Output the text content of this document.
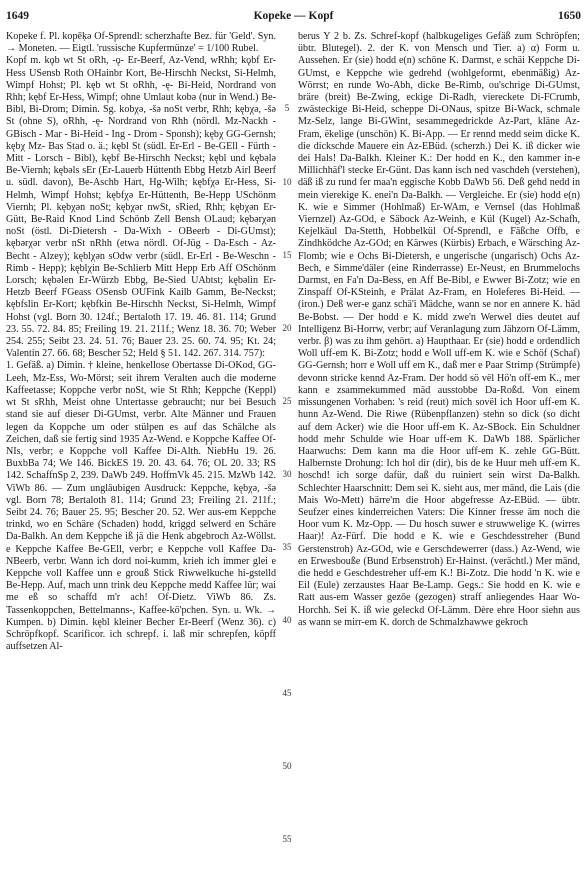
1649	Kopeke — Kopf	1650

Kopeke f. Pl. kopēḳə Of-Sprendl: scherzhafte Bez. für 'Geld'. Syn. → Moneten. — Eigtl. 'russische Kupfermünze' = 1/100 Rubel.

Kopf m. kǫb wt St oRh, -ǫ- Er-Beerf, Az-Vend, wRhh; kǫbf Er-Hess USensb Roth OHainbr Kort, Be-Hirschh Neckst, Si-Helmh, Wimpf Hohst; Pl. kęb wt St oRhh, -ę- Bi-Heid, Nordrand von Rhh; kębf Er-Hess, Wimpf; ohne Umlaut kobə (nur in Wend.) Be-Bibl, Bi-Drom; Dimin. Sg. kobχə, -šə noSt verbr, Rhh; kębχə, -šə St (ohne S), oRhh, -ę- Nordrand von Rhh (nördl. Mz-Nackh - GBisch - Mar - Bi-Heid - Ing - Drom - Sponsh); kębχ GG-Gernsh; kębχ Mz- Bas Stad o. ä.; kębl St (südl. Er-Erl - Be-GEll - Fürth - Mitt - Lorsch - Bibl), kębf Be-Hirschh Neckst; kębl und kębələ Be-Viernh; kębəls sEr (Er-Lauerb Hüttenth Ebbg Hetzb Airl Beerf u. südl. davon), Be-Aschb Hart, Hg-Wilh; kębfχə Er-Hess, Si-Helmh, Wimpf Hohst; kębfχə Er-Hüttenth, Be-Hepp USchönm Viernh; Pl. kębχən noSt; kębχər nwSt, sRied, Rhh; kębχən Er-Gütt, Be-Raid Knod Lind Schönb Zell Bensh OLaud; kębərχən noSt (östl. Di-Dietersh - Da-Wixh - OBeerb - Di-GUmst); kębərχər verbr nSt nRhh (etwa nördl. Of-Jüg - Da-Esch - Az-Becht - Alzey); kęblχən sOdw verbr (südl. Er-Erl - Be-Weschn - Rimb - Hepp); kęblχin Be-Schlierb Mitt Hepp Erb Aff OSchönm Lorsch; kębəlen Er-Würzb Ebbg, Be-Sied UAbtst; kębəlin Er-Hetzb Beerf FGeass OSensb OUFink Kailb Gamm, Be-Neckst; kębfslin Er-Kort; kębfkin Be-Hirschh Neckst, Si-Helmh, Wimpf Hohst (vgl. Born 30. 124f.; Bertaloth 17. 19. 46. 81. 114; Grund 23. 55. 72. 84. 85; Freiling 19. 21. 211f.; Wenz 18. 36. 70; Weber 254. 255; Seibt 23. 24. 51. 76; Bauer 23. 25. 60. 74. 95; Kt. 24; Valentin 27. 66. 68; Bescher 52; Held § 51. 142. 267. 314. 757):

1. Gefäß. a) Dimin. † kleine, henkellose Obertasse Di-OKod, GG-Leeh, Mz-Ess, Wo-Mörst; seit ihrem Veralten auch die moderne Kaffeetasse; Koppche verbr noSt, wie St Rhh; Keppche (Keppl) wt St sRhh, Meist ohne Untertasse gebraucht; nur bei Besuch stand sie auf dieser Di-GUmst, verbr. Alte Männer und Frauen legen da Koppche um oder stülpen es auf das Schälche als Zeichen, daß sie fertig sind 1935 Az-Wend. e Koppche Kaffee Of-NIs, verbr; e Koppche voll Kaffee Di-Alth. NiebHu 19. 26. BuxbBa 74; We 146. BickES 19. 20. 43. 64. 76; OL 20. 33; RS 142. SchaffnSp 2, 239. DaWb 249. HoffmVk 45. 215. MzWb 142. ViWb 86. — Zum ungläubigen Ausdruck: Keppche, kębχə, -šə vgl. Born 78; Bertaloth 81. 114; Grund 23; Freiling 21. 211f.; Seibt 24. 76; Bauer 25. 95; Bescher 20. 52. Wer aus-em Keppche trinkd, wo en Schäre (Schaden) hodd, kriggd selwerd en Schäre Da-Balkh. An dem Keppche iß jä die Henk abgebroch Az-Wöllst. e Keppche Kaffee Be-GEll, verbr; e Keppche voll Kaffee Da-NBeerb, verbr. Wann ich dord noi-kumm, krieh ich immer glei e Keppche voll Kaffee unn e grouß Stick Riwwelkuche hi-gstelld Be-Hepp. Auf, mach unn trink deu Keppche medd Kaffee lür; wai me eß so schaffd m'r ach! Of-Dietz. ViWb 86. Zs. Tassenkoppchen, Bettelmanns-, Kaffee-kö'pchen. Syn. u. Wk. → Kumpen. b) Dimin. kębl kleiner Becher Er-Beerf (Wenz 36). c) Schröpfkopf. Scarificor. ich schrepf. i. laß mir schrepfen, köpff auffsetzen Al-

5
10
15
20
25
30
35
40
45
50
55

berus Y 2 b. Zs. Schref-kopf (halbkugeliges Gefäß zum Schröpfen; übtr. Blutegel). 2. der K. von Mensch und Tier. a) α) Form u. Aussehen. Er (sie) hodd e(n) schöne K. Darmst, e schäi Keppche Di-GUmst, e Keppche wie gedrehd (wohlgeformt, ebenmäßig) Az-Wörrst; en runde Wo-Abh, dicke Be-Rimb, ou'schrige Di-GUmst, bräre (breit) Be-Zwing, eckige Di-Radh, viereckete Di-FCrumb, zwästeckige Bi-Heid, scheppe Di-ONaus, spitze Bi-Wack, schmale Mz-Selz, lange Bi-GWint, sesammegedrickde Az-Part, kläne Az-Fram, ëkelige (unschön) K. Bi-App. — Er rennd medd seim dicke K. die dickschde Mauere ein Az-EBüd. (scherzh.) Dei K. iß dicker wie dei Hals! Da-Balkh. Kleiner K.: Der hodd en K., den kammer in-e Millichhäf'l stecke Er-Günt. Das kann isch ned vaschdeh (verstehen), däß iß zu rund fer maa'n eggische Kobb DaWb 56. Deß gehd nedd in mein vierekige K. enei'n Da-Balkh. — Vergleiche. Er (sie) hodd e(n) K. wie e Simmer (Hohlmaß) Er-WAm, e Vernsel (das Hohlmaß Viernzel) Az-GOd, e Säbock Az-Weinh, e Kül (Kugel) Az-Schafh, Kejelkäul Da-Stetth, Hobbelkül Of-Sprendl, e Fäßche Offb, e Zindhködche Az-GOd; en Kärwes (Kürbis) Erbach, e Wärsching Az-Flomb; wie e Ochs Bi-Dietersh, e ungerische (ungarisch) Ochs Az-Bech, e Simme'däler (eine Rinderrasse) Er-Neust, en Brummelochs Darmst, en Fa'n Da-Bess, en Aff Be-Bibl, e Ewwer Bi-Zotz; wie en Zinspaff Of-KSteinh, e Prälat Az-Fram, en Holeferes Bi-Heid. — (iron.) Deß wer-e ganz schä'i Mädche, wann se nor en annere K. häd Be-Bobst. — Der hodd e K. midd zwe'n Werwel dies deutet auf Intelligenz Bi-Horrw, verbr; auf Veranlagung zum Jähzorn Of-Lämm, verbr. β) was zu ihm gehört. a) Haupthaar. Er (sie) hodd e ordendlich Woll uff-em K. Bi-Zotz; hodd e Woll uff-em K. wie e Schöf (Schaf) GG-Gernsh; horr e Woll uff em K., daß mer e Paar Strimp (Strümpfe) devonn stricke kennd Az-Fram. Der hodd sö vël Hö'n off-em K., mer kann e zsammekummed mäd ausstobbe Da-Roßd. Von einem missungenen Vorhaben: 's reid (reut) mich sovël ich Hoor uff-em K. hunn Az-Wend. Die Riwe (Rübenpflanzen) stehn so dick (so dicht auf dem Acker) wie die Hoor uff-em K. Az-SBock. Ein Schuldner hodd mehr Schulde wie Hoar uff-em K. DaWb 188. Spärlicher Haarwuchs: Dem kann ma die Hoor uff-em K. zehle GG-Bütt. Halbernste Drohung: Ich hol dir (dir), bis de ke Huur meh uff-em K. hoschd! ich sorge dafür, daß du ruiniert sein wirst Da-Balkh. Schlechter Haarschnitt: Dem sei K. sieht aus, mer mänd, die Lais (die Mais Wo-Mett) härre'm die Hoor abgefresse Az-EBüd. — übtr. Seufzer eines kinderreichen Vaters: Die Kinner fresse äm noch die Hoor vum K. Mz-Opp. — Du hosch suwer e struwwelige K. (wirres Haar)! Az-Fürf. Die hodd e K. wie e Geschdesstreher (Bund Gerstenstroh) Az-GOd, wie e Gerschdewerrer (dass.) Az-Wend, wie en Erwesbouße (Bund Erbsenstroh) Er-Hainst. (verächtl.) Mer mänd, die hedd e Geschdestreher uff-em K.! Bi-Zotz. Die hodd 'n K. wie e Eil (Eule) zerzaustes Haar Be-Lamp. Gegs.: Sie hodd en K. wie e Ratt aus-em Wasser gezōe (gezogen) straff anliegendes Haar Wo-Horchh. Sei K. iß wie geleckd Of-Lämm. Dère ehre Hoor siehn aus as wann se mirr-em K. dorch de Schmalzhawwe gekroch
